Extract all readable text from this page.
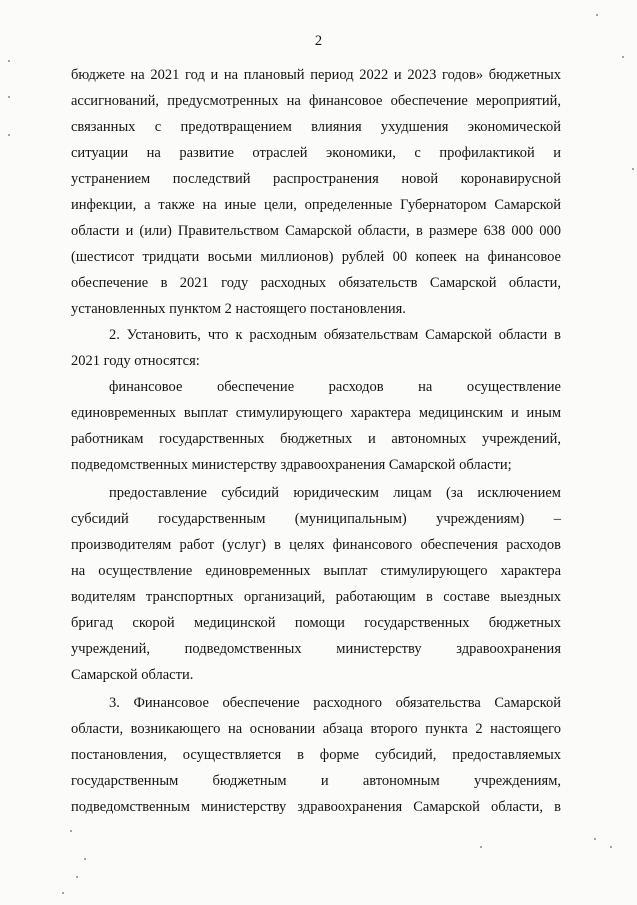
2
бюджете на 2021 год и на плановый период 2022 и 2023 годов» бюджетных
ассигнований, предусмотренных на финансовое обеспечение мероприятий,
связанных с предотвращением влияния ухудшения экономической
ситуации на развитие отраслей экономики, с профилактикой и
устранением последствий распространения новой коронавирусной
инфекции, а также на иные цели, определенные Губернатором Самарской
области и (или) Правительством Самарской области, в размере 638 000 000
(шестисот тридцати восьми миллионов) рублей 00 копеек на финансовое
обеспечение в 2021 году расходных обязательств Самарской области,
установленных пунктом 2 настоящего постановления.
2. Установить, что к расходным обязательствам Самарской области в
2021 году относятся:
финансовое обеспечение расходов на осуществление
единовременных выплат стимулирующего характера медицинским и иным
работникам государственных бюджетных и автономных учреждений,
подведомственных министерству здравоохранения Самарской области;
предоставление субсидий юридическим лицам (за исключением
субсидий государственным (муниципальным) учреждениям) –
производителям работ (услуг) в целях финансового обеспечения расходов
на осуществление единовременных выплат стимулирующего характера
водителям транспортных организаций, работающим в составе выездных
бригад скорой медицинской помощи государственных бюджетных
учреждений, подведомственных министерству здравоохранения
Самарской области.
3. Финансовое обеспечение расходного обязательства Самарской
области, возникающего на основании абзаца второго пункта 2 настоящего
постановления, осуществляется в форме субсидий, предоставляемых
государственным бюджетным и автономным учреждениям,
подведомственным министерству здравоохранения Самарской области, в
